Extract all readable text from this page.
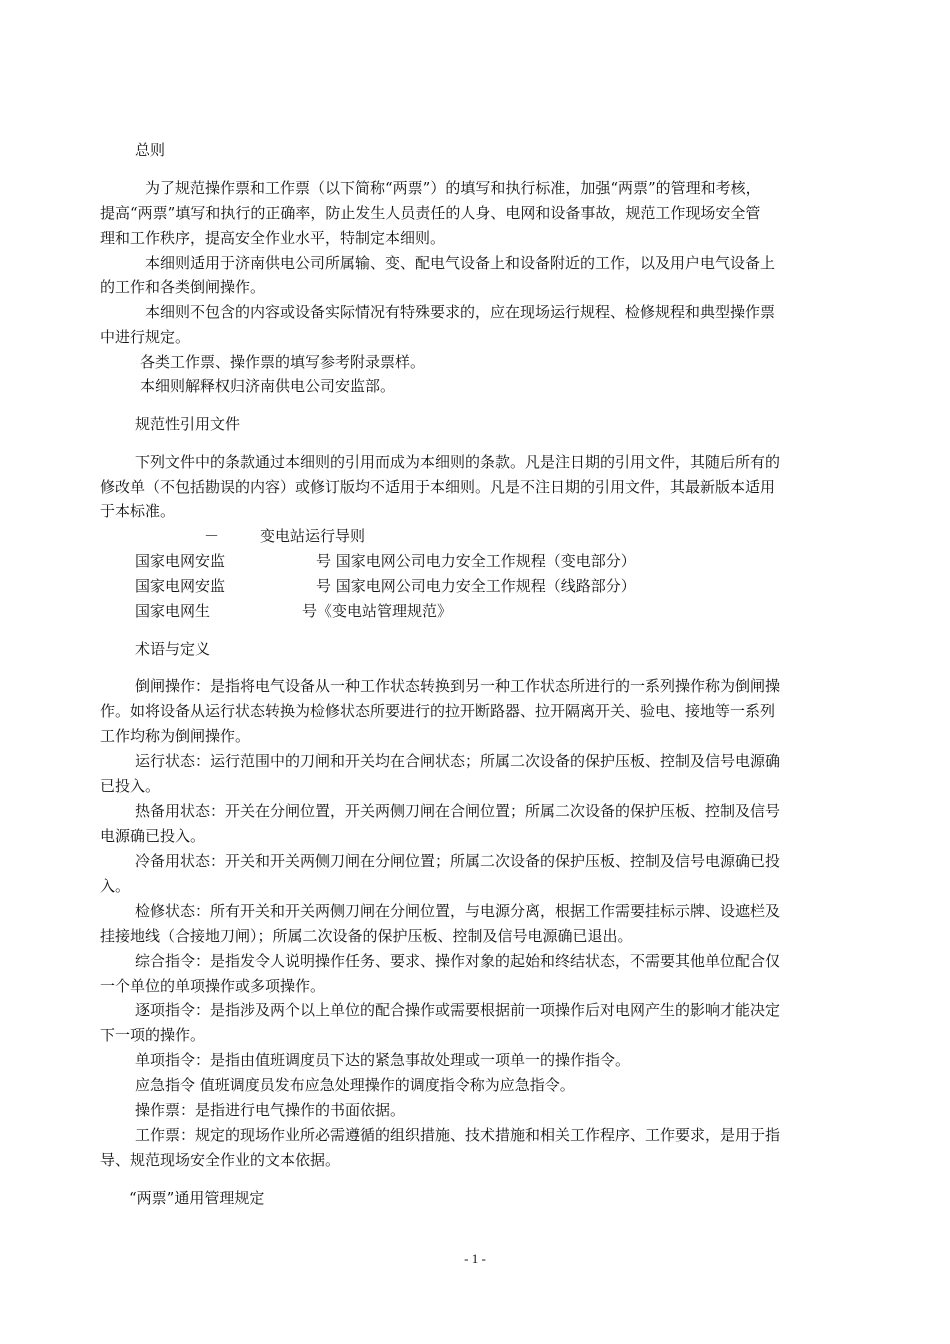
总则
为了规范操作票和工作票（以下简称“两票”）的填写和执行标准，加强“两票”的管理和考核，
提高“两票”填写和执行的正确率，防止发生人员责任的人身、电网和设备事故，规范工作现场安全管
理和工作秩序，提高安全作业水平，特制定本细则。
本细则适用于济南供电公司所属输、变、配电气设备上和设备附近的工作，以及用户电气设备上
的工作和各类倒闸操作。
本细则不包含的内容或设备实际情况有特殊要求的，应在现场运行规程、检修规程和典型操作票
中进行规定。
各类工作票、操作票的填写参考附录票样。
本细则解释权归济南供电公司安监部。
规范性引用文件
下列文件中的条款通过本细则的引用而成为本细则的条款。凡是注日期的引用文件，其随后所有的
修改单（不包括勘误的内容）或修订版均不适用于本细则。凡是不注日期的引用文件，其最新版本适用
于本标准。
－	变电站运行导则
国家电网安监	号 国家电网公司电力安全工作规程（变电部分）
国家电网安监	号 国家电网公司电力安全工作规程（线路部分）
国家电网生	号《变电站管理规范》
术语与定义
倒闸操作：是指将电气设备从一种工作状态转换到另一种工作状态所进行的一系列操作称为倒闸操
作。如将设备从运行状态转换为检修状态所要进行的拉开断路器、拉开隔离开关、验电、接地等一系列
工作均称为倒闸操作。
运行状态：运行范围中的刀闸和开关均在合闸状态；所属二次设备的保护压板、控制及信号电源确
已投入。
热备用状态：开关在分闸位置，开关两侧刀闸在合闸位置；所属二次设备的保护压板、控制及信号
电源确已投入。
冷备用状态：开关和开关两侧刀闸在分闸位置；所属二次设备的保护压板、控制及信号电源确已投
入。
检修状态：所有开关和开关两侧刀闸在分闸位置，与电源分离，根据工作需要挂标示牌、设遮栏及
挂接地线（合接地刀闸）；所属二次设备的保护压板、控制及信号电源确已退出。
综合指令：是指发令人说明操作任务、要求、操作对象的起始和终结状态，不需要其他单位配合仅
一个单位的单项操作或多项操作。
逐项指令：是指涉及两个以上单位的配合操作或需要根据前一项操作后对电网产生的影响才能决定
下一项的操作。
单项指令：是指由值班调度员下达的紧急事故处理或一项单一的操作指令。
应急指令 值班调度员发布应急处理操作的调度指令称为应急指令。
操作票：是指进行电气操作的书面依据。
工作票：规定的现场作业所必需遵循的组织措施、技术措施和相关工作程序、工作要求，是用于指
导、规范现场安全作业的文本依据。
“两票”通用管理规定
- 1 -
